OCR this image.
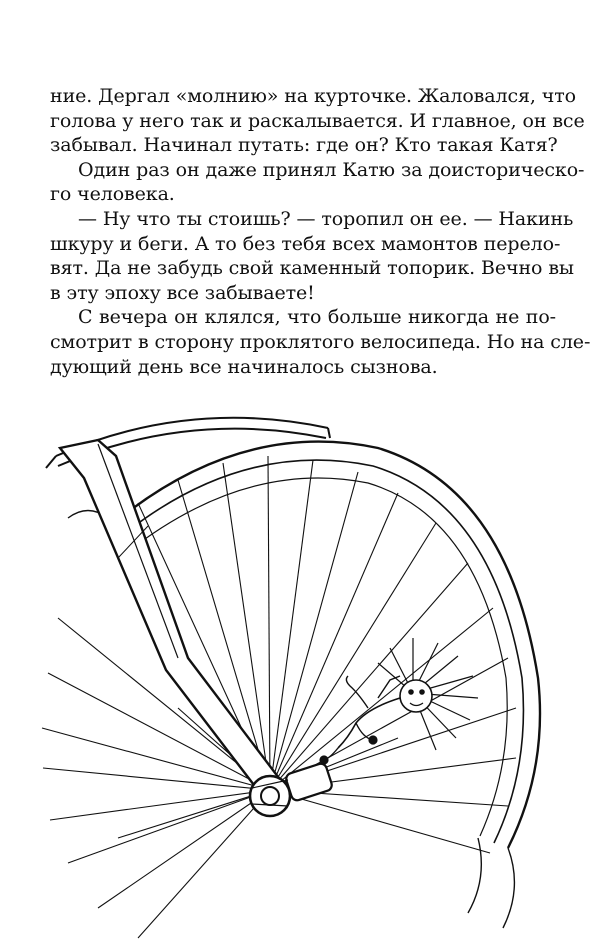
ние. Дергал «молнию» на курточке. Жаловался, что
голова у него так и раскалывается. И главное, он все
забывал. Начинал путать: где он? Кто такая Катя?
Один раз он даже принял Катю за доисторическо-
го человека.
— Ну что ты стоишь? — торопил он ее. — Накинь
шкуру и беги. А то без тебя всех мамонтов перело-
вят. Да не забудь свой каменный топорик. Вечно вы
в эту эпоху все забываете!
С вечера он клялся, что больше никогда не по-
смотрит в сторону проклятого велосипеда. Но на сле-
дующий день все начиналось сызнова.
